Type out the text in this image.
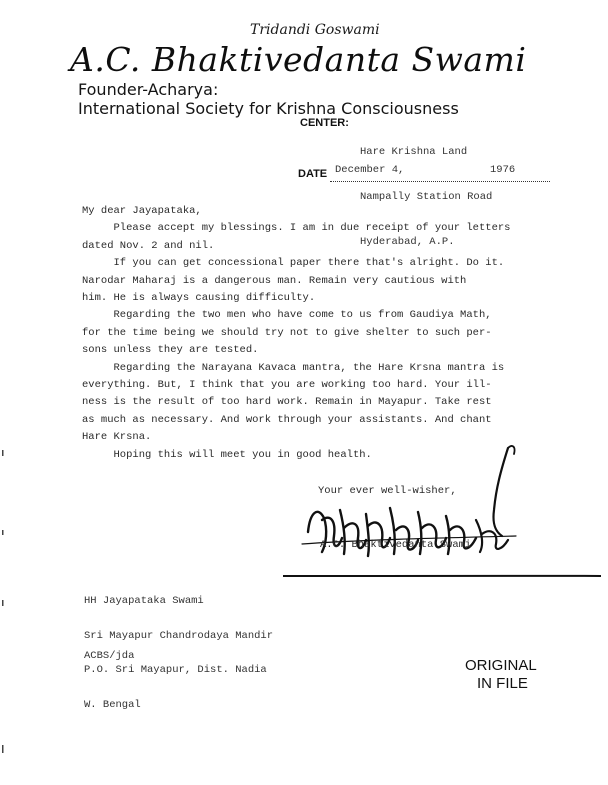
Tridandi Goswami
A.C. Bhaktivedanta Swami
Founder-Acharya:
International Society for Krishna Consciousness
CENTER:

Hare Krishna Land

Nampally Station Road

Hyderabad, A.P.

DATE December 4,	1976

My dear Jayapataka,

Please accept my blessings. I am in due receipt of your letters

dated Nov. 2 and nil.

If you can get concessional paper there that's alright. Do it.

Narodar Maharaj is a dangerous man. Remain very cautious with

him. He is always causing difficulty.

Regarding the two men who have come to us from Gaudiya Math,

for the time being we should try not to give shelter to such per-

sons unless they are tested.

Regarding the Narayana Kavaca mantra, the Hare Krsna mantra is

everything. But, I think that you are working too hard. Your ill-

ness is the result of too hard work. Remain in Mayapur. Take rest

as much as necessary. And work through your assistants. And chant

Hare Krsna.

Hoping this will meet you in good health.

Your ever well-wisher,
A.C. Bhaktivedanta Swami

HH Jayapataka Swami

Sri Mayapur Chandrodaya Mandir

P.O. Sri Mayapur, Dist. Nadia

W. Bengal

ACBS/jda
ORIGINAL
IN FILE
